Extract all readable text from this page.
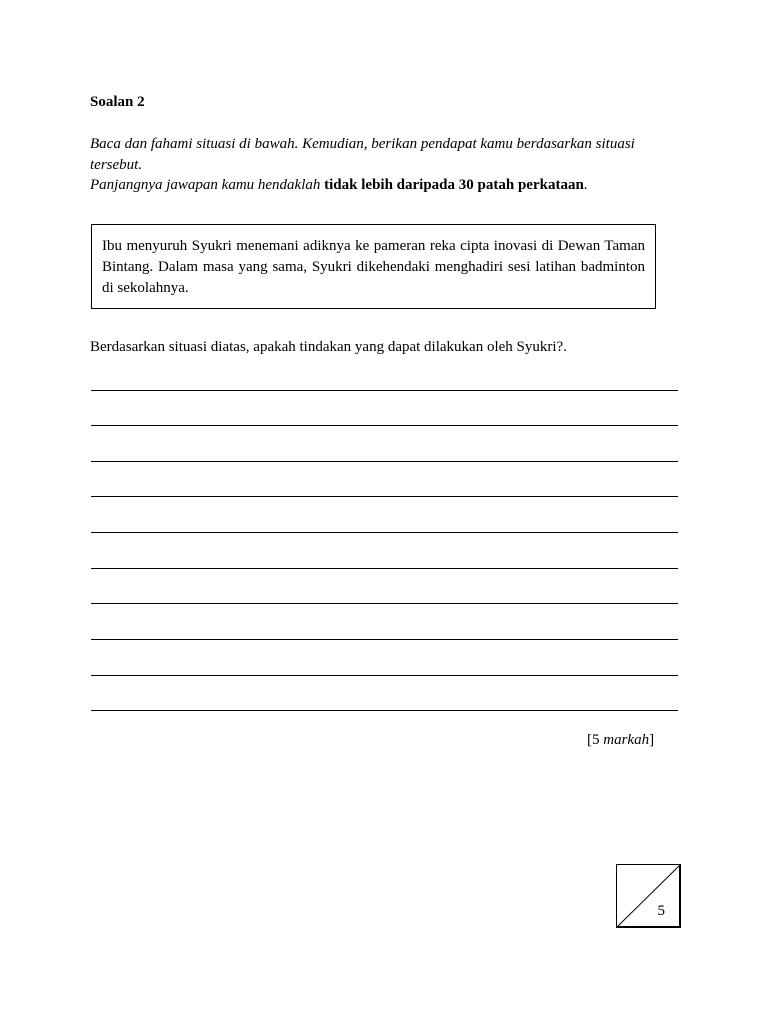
Soalan 2
Baca dan fahami situasi di bawah. Kemudian, berikan pendapat kamu berdasarkan situasi tersebut.
Panjangnya jawapan kamu hendaklah tidak lebih daripada 30 patah perkataan.
Ibu menyuruh Syukri menemani adiknya ke pameran reka cipta inovasi di Dewan Taman Bintang. Dalam masa yang sama, Syukri dikehendaki menghadiri sesi latihan badminton di sekolahnya.
Berdasarkan situasi diatas, apakah tindakan yang dapat dilakukan oleh Syukri?.
[5 markah]
5
